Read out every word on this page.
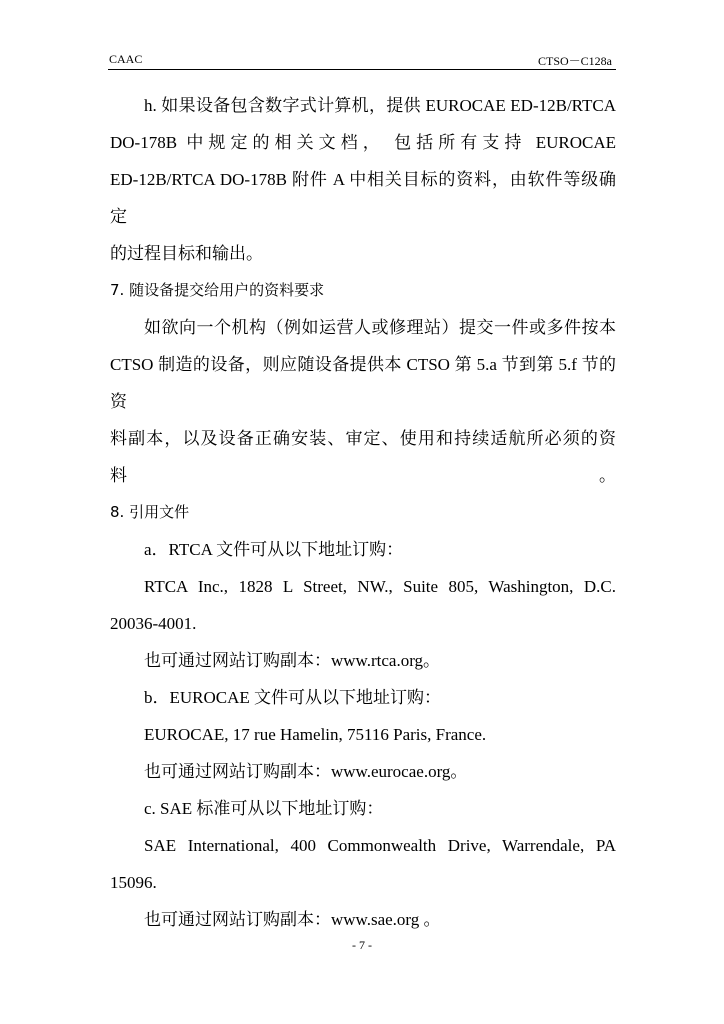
CAAC	CTSO－C128a

h. 如果设备包含数字式计算机，提供 EUROCAE ED-12B/RTCA

DO-178B 中规定的相关文档， 包括所有支持 EUROCAE

ED-12B/RTCA DO-178B 附件 A 中相关目标的资料，由软件等级确定

的过程目标和输出。

7. 随设备提交给用户的资料要求

如欲向一个机构（例如运营人或修理站）提交一件或多件按本

CTSO 制造的设备，则应随设备提供本 CTSO 第 5.a 节到第 5.f 节的资

料副本，以及设备正确安装、审定、使用和持续适航所必须的资料。

8. 引用文件

a．RTCA 文件可从以下地址订购：

RTCA Inc., 1828 L Street, NW., Suite 805, Washington, D.C.

20036-4001.

也可通过网站订购副本：www.rtca.org。

b．EUROCAE 文件可从以下地址订购：

EUROCAE, 17 rue Hamelin, 75116 Paris, France.

也可通过网站订购副本：www.eurocae.org。

c. SAE 标准可从以下地址订购：

SAE International, 400 Commonwealth Drive, Warrendale, PA

15096.

也可通过网站订购副本：www.sae.org 。

- 7 -
